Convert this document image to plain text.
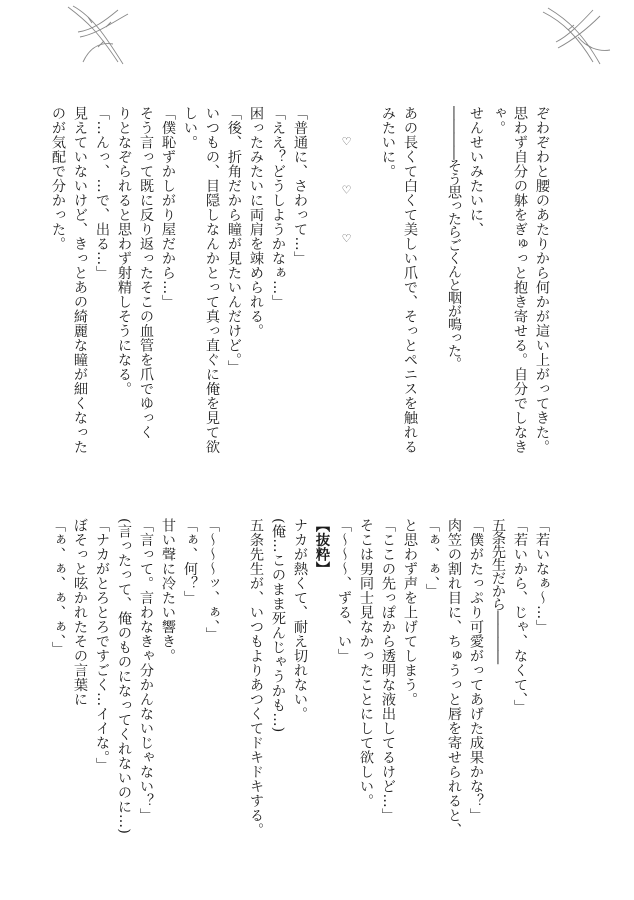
ぞわぞわと腰のあたりから何かが這い上がってきた。
思わず自分の躰をぎゅっと抱き寄せる。自分でしなき
ゃ。
せんせいみたいに、
――――そう思ったらごくんと咽が鳴った。
あの長くて白くて美しい爪で、そっとペニスを触れる
みたいに。
♡ ♡ ♡
「普通に、さわって…」
「ええ？どうしようかなぁ…」
困ったみたいに両肩を竦められる。
「後、折角だから瞳が見たいんだけど。」
いつもの、目隠しなんかとって真っ直ぐに俺を見て欲
しい。
「僕恥ずかしがり屋だから…」
そう言って既に反り返ったそこの血管を爪でゆっく
りとなぞられると思わず射精しそうになる。
「…んっ、…で、出る…」
見えていないけど、きっとあの綺麗な瞳が細くなった
のが気配で分かった。
「若いなぁ～…」
「若いから、じゃ、なくて、」
五条先生だから――――
「僕がたっぷり可愛がってあげた成果かな？」
肉笠の割れ目に、ちゅうっと唇を寄せられると、
「ぁ、ぁ、」
と思わず声を上げてしまう。
「ここの先っぽから透明な液出してるけど…」
そこは男同士見なかったことにして欲しい。
「～～～、ずる、い」
【抜粋】
ナカが熱くて、耐え切れない。
(俺…このまま死んじゃうかも…)
五条先生が、いつもよりあつくてドキドキする。
「～～～ッ、ぁ、」
「ぁ、何？」
甘い聲に冷たい響き。
「言って。言わなきゃ分かんないじゃない？」
(言ったって、俺のものになってくれないのに…)
「ナカがとろとろですごく…イイな。」
ぼそっと呟かれたその言葉に
「ぁ、ぁ、ぁ、ぁ、」
